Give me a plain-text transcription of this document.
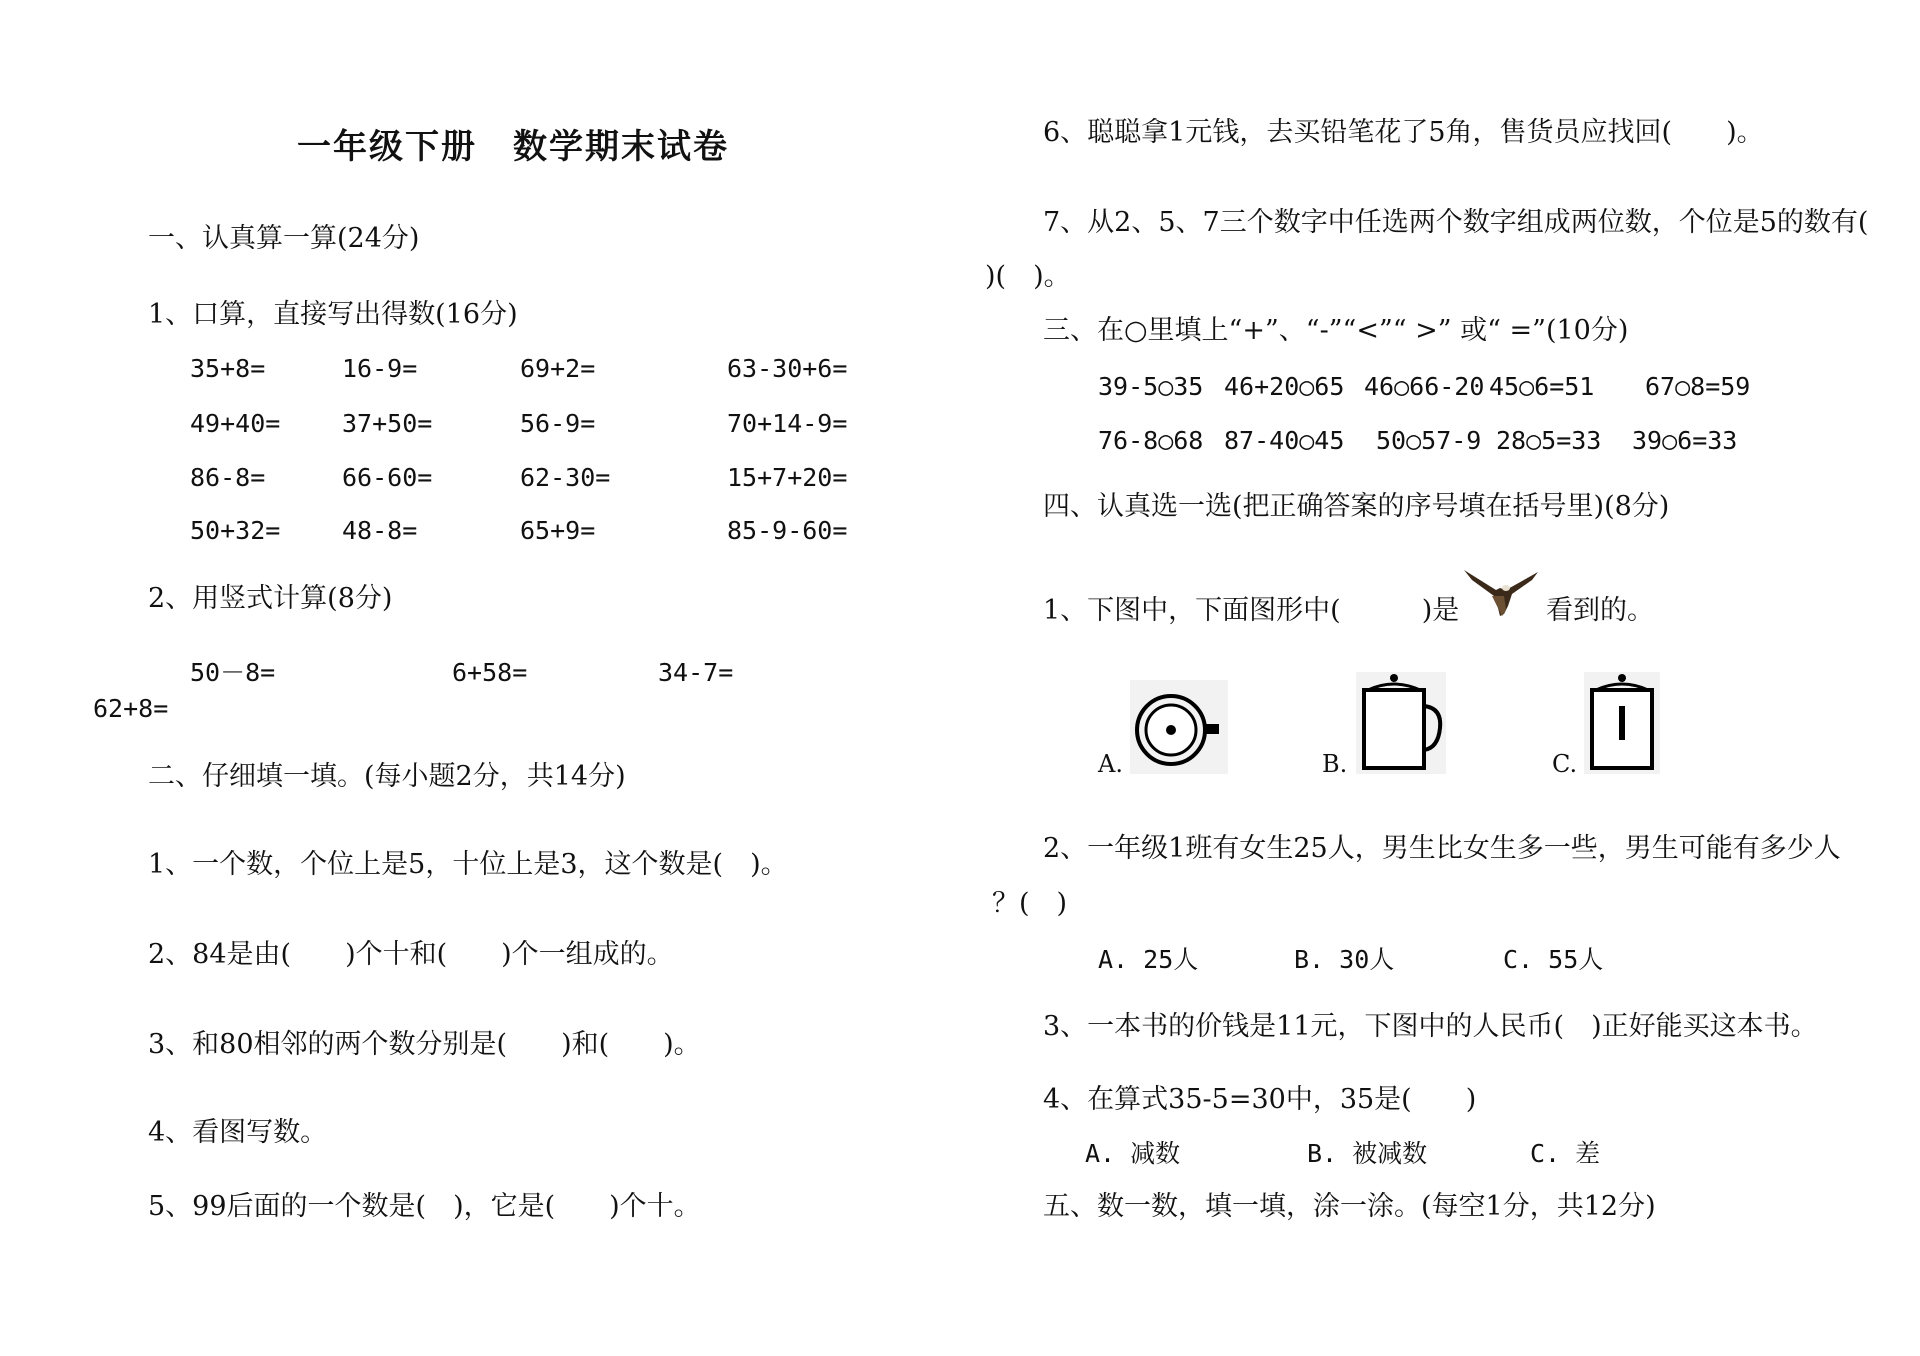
一年级下册　数学期末试卷
一、认真算一算(24分)
1、口算，直接写出得数(16分)
35+8=	16-9=	69+2=	63-30+6=
49+40= 37+50=	56-9=	70+14-9=
86-8=	66-60=	62-30=	15+7+20=
50+32= 48-8=	65+9=	85-9-60=
2、用竖式计算(8分)
50－8=	6+58=	34-7=
62+8=
二、仔细填一填。(每小题2分，共14分)
1、一个数，个位上是5，十位上是3，这个数是(　)。
2、84是由(　　)个十和(　　)个一组成的。
3、和80相邻的两个数分别是(　　)和(　　)。
4、看图写数。
5、99后面的一个数是(　)，它是(　　)个十。
6、聪聪拿1元钱，去买铅笔花了5角，售货员应找回(　　)。
7、从2、5、7三个数字中任选两个数字组成两位数，个位是5的数有(
)(　)。
三、在○里填上“+”、“-”“<”“ >” 或“ =”(10分)
39-5○35 46+20○65 46○66-20 45○6=51 67○8=59
76-8○68 87-40○45 50○57-9 28○5=33 39○6=33
四、认真选一选(把正确答案的序号填在括号里)(8分)
1、下图中，下面图形中(　　　)是	看到的。
A.	B.	C.
2、一年级1班有女生25人，男生比女生多一些，男生可能有多少人
？(　)
A. 25人	B. 30人	C. 55人
3、一本书的价钱是11元，下图中的人民币(　)正好能买这本书。
4、在算式35-5=30中，35是(　　)
A. 减数	B. 被减数	C. 差
五、数一数，填一填，涂一涂。(每空1分，共12分)
